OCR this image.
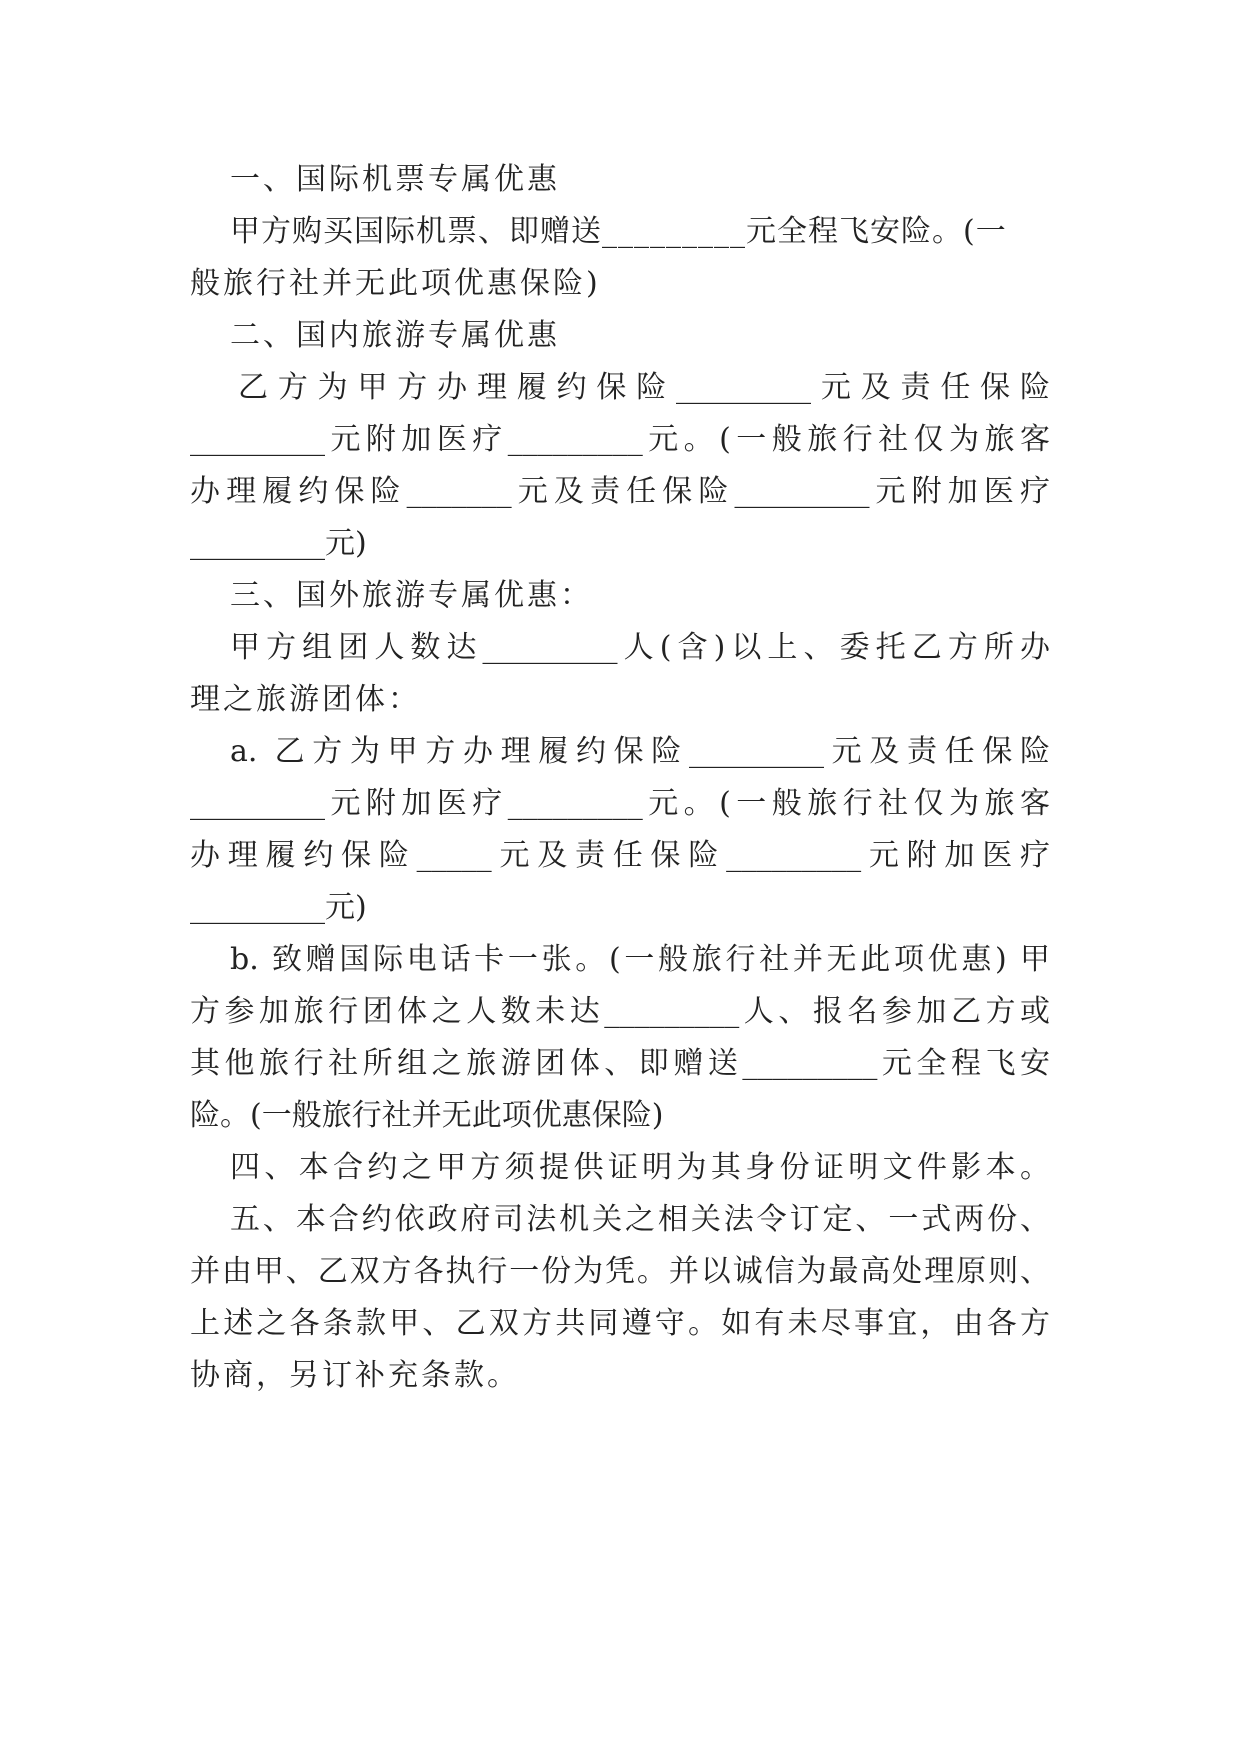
一、国际机票专属优惠
甲方购买国际机票、即赠送_________元全程飞安险。(一
般旅行社并无此项优惠保险)
二、国内旅游专属优惠
乙方为甲方办理履约保险_________元及责任保险
_________元附加医疗_________元。(一般旅行社仅为旅客
办理履约保险_______元及责任保险_________元附加医疗
_________元)
三、国外旅游专属优惠：
甲方组团人数达_________人(含)以上、委托乙方所办
理之旅游团体：
a. 乙方为甲方办理履约保险_________元及责任保险
_________元附加医疗_________元。(一般旅行社仅为旅客
办理履约保险_____元及责任保险_________元附加医疗
_________元)
b. 致赠国际电话卡一张。(一般旅行社并无此项优惠) 甲
方参加旅行团体之人数未达_________人、报名参加乙方或
其他旅行社所组之旅游团体、即赠送_________元全程飞安
险。(一般旅行社并无此项优惠保险)
四、本合约之甲方须提供证明为其身份证明文件影本。
五、本合约依政府司法机关之相关法令订定、一式两份、
并由甲、乙双方各执行一份为凭。并以诚信为最高处理原则、
上述之各条款甲、乙双方共同遵守。如有未尽事宜，由各方
协商，另订补充条款。
